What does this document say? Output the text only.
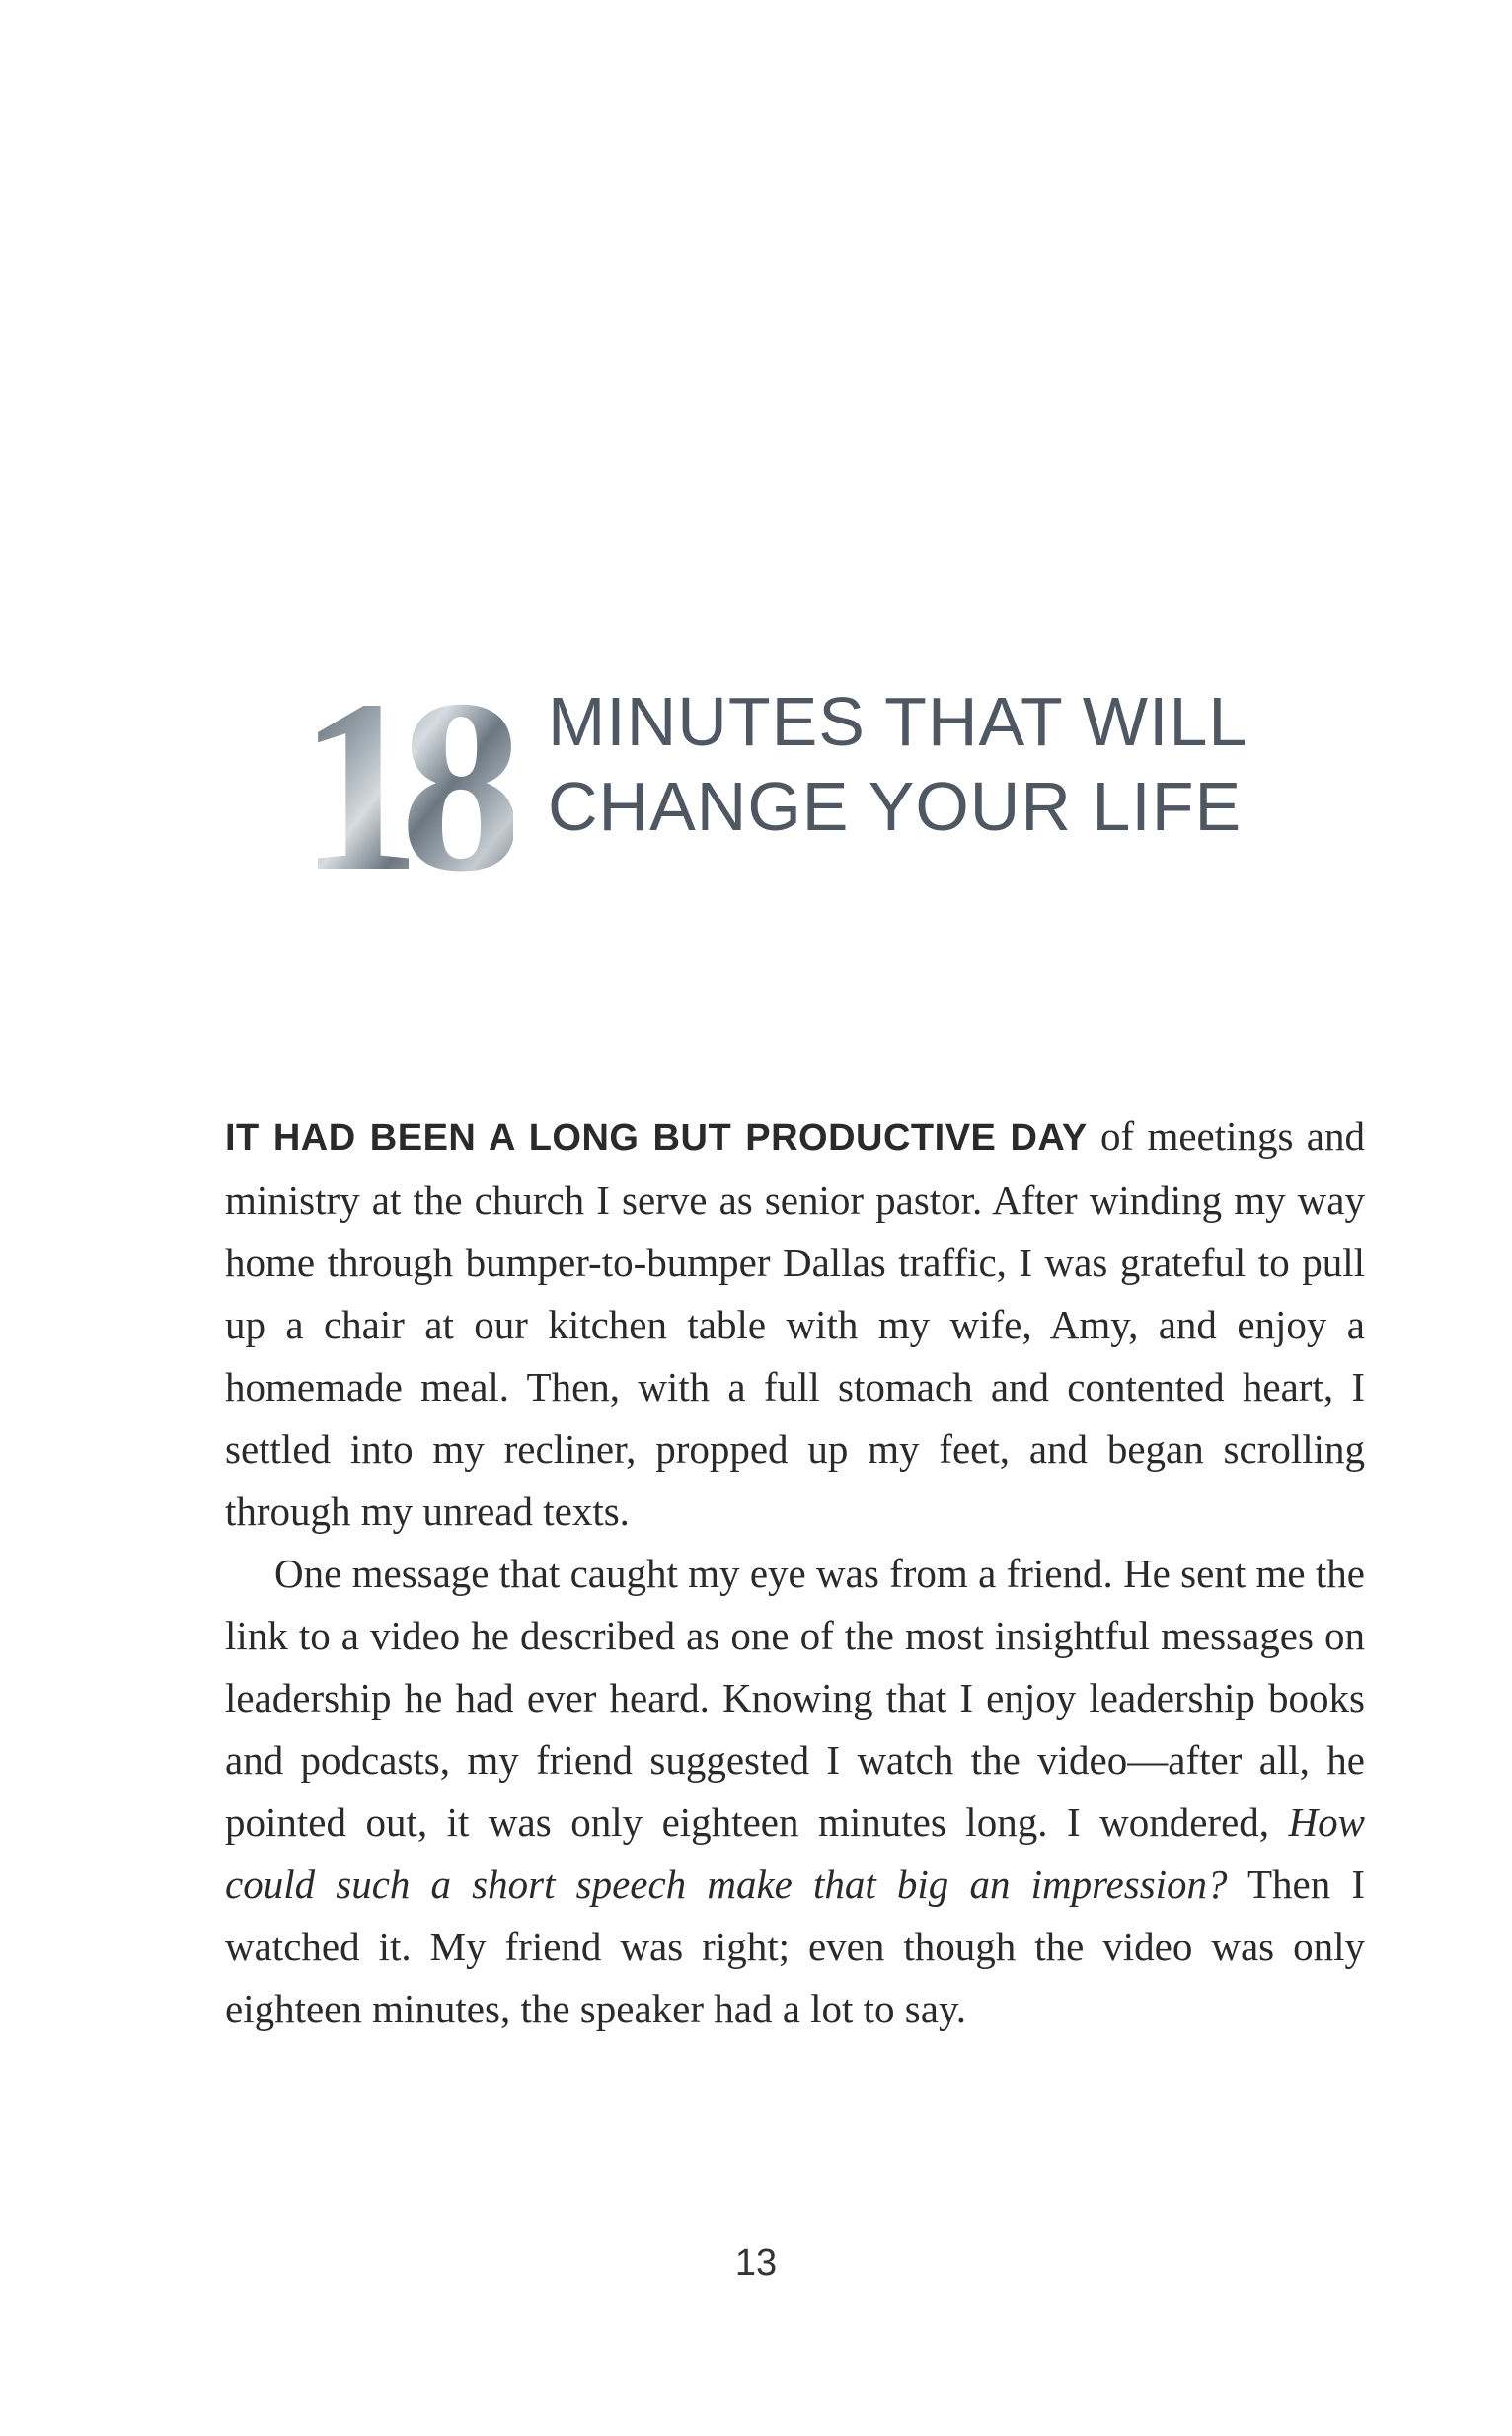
18 MINUTES THAT WILL
CHANGE YOUR LIFE

IT HAD BEEN A LONG BUT PRODUCTIVE DAY of meetings and ministry at the church I serve as senior pastor. After winding my way home through bumper-to-bumper Dallas traffic, I was grateful to pull up a chair at our kitchen table with my wife, Amy, and enjoy a homemade meal. Then, with a full stomach and contented heart, I settled into my recliner, propped up my feet, and began scrolling through my unread texts.

One message that caught my eye was from a friend. He sent me the link to a video he described as one of the most insightful messages on leadership he had ever heard. Knowing that I enjoy leadership books and podcasts, my friend suggested I watch the video—after all, he pointed out, it was only eighteen minutes long. I wondered, How could such a short speech make that big an impression? Then I watched it. My friend was right; even though the video was only eighteen minutes, the speaker had a lot to say.

13
